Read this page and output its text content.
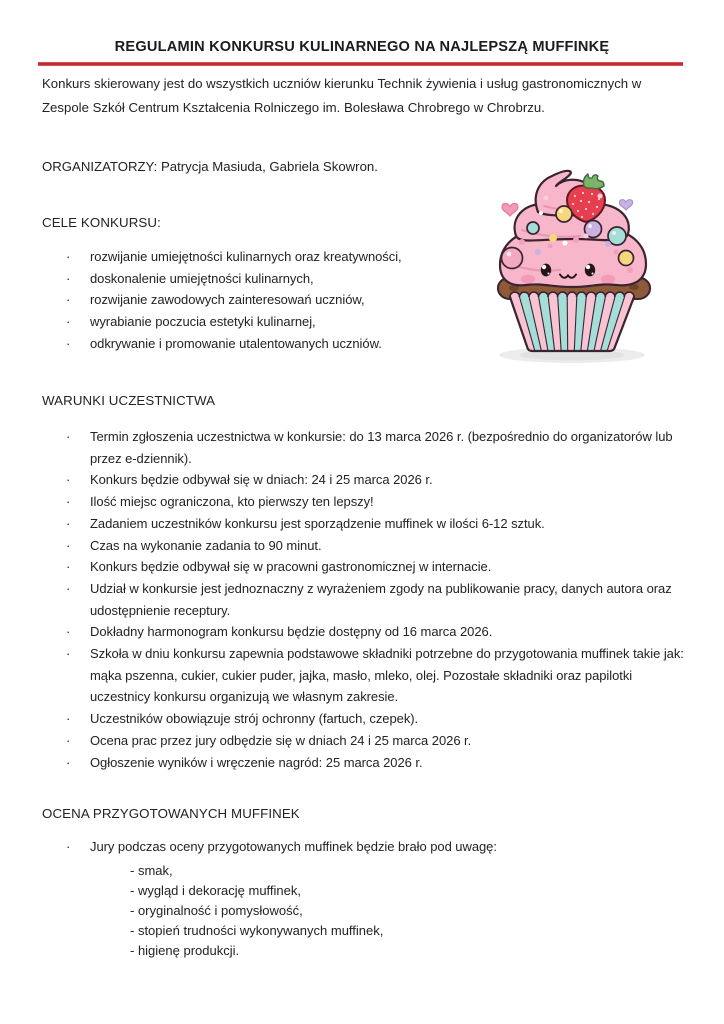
REGULAMIN KONKURSU KULINARNEGO NA NAJLEPSZĄ MUFFINKĘ

Konkurs skierowany jest do wszystkich uczniów kierunku Technik żywienia i usług gastronomicznych w Zespole Szkół Centrum Kształcenia Rolniczego im. Bolesława Chrobrego w Chrobrzu.

ORGANIZATORZY: Patrycja Masiuda, Gabriela Skowron.

CELE KONKURSU:
·	rozwijanie umiejętności kulinarnych oraz kreatywności,
·	doskonalenie umiejętności kulinarnych,
·	rozwijanie zawodowych zainteresowań uczniów,
·	wyrabianie poczucia estetyki kulinarnej,
·	odkrywanie i promowanie utalentowanych uczniów.
WARUNKI UCZESTNICTWA
·	Termin zgłoszenia uczestnictwa w konkursie: do 13 marca 2026 r. (bezpośrednio do organizatorów lub przez e-dziennik).
·	Konkurs będzie odbywał się w dniach: 24 i 25 marca 2026 r.
·	Ilość miejsc ograniczona, kto pierwszy ten lepszy!
·	Zadaniem uczestników konkursu jest sporządzenie muffinek w ilości 6-12 sztuk.
·	Czas na wykonanie zadania to 90 minut.
·	Konkurs będzie odbywał się w pracowni gastronomicznej w internacie.
·	Udział w konkursie jest jednoznaczny z wyrażeniem zgody na publikowanie pracy, danych autora oraz udostępnienie receptury.
·	Dokładny harmonogram konkursu będzie dostępny od 16 marca 2026.
·	Szkoła w dniu konkursu zapewnia podstawowe składniki potrzebne do przygotowania muffinek takie jak: mąka pszenna, cukier, cukier puder, jajka, masło, mleko, olej. Pozostałe składniki oraz papilotki uczestnicy konkursu organizują we własnym zakresie.
·	Uczestników obowiązuje strój ochronny (fartuch, czepek).
·	Ocena prac przez jury odbędzie się w dniach 24 i 25 marca 2026 r.
·	Ogłoszenie wyników i wręczenie nagród: 25 marca 2026 r.
OCENA PRZYGOTOWANYCH MUFFINEK
·	Jury podczas oceny przygotowanych muffinek będzie brało pod uwagę:
- smak,
- wygląd i dekorację muffinek,
- oryginalność i pomysłowość,
- stopień trudności wykonywanych muffinek,
- higienę produkcji.
